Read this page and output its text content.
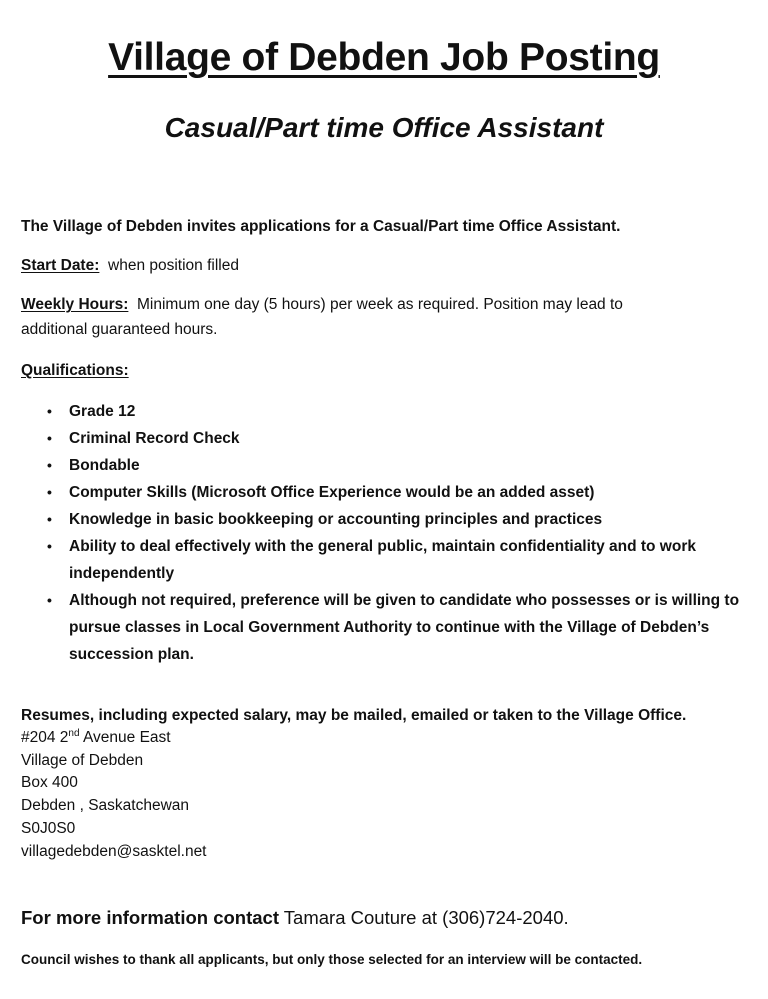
Village of Debden Job Posting
Casual/Part time Office Assistant
The Village of Debden invites applications for a Casual/Part time Office Assistant.
Start Date: when position filled
Weekly Hours: Minimum one day (5 hours) per week as required. Position may lead to
additional guaranteed hours.
Qualifications:
• Grade 12
• Criminal Record Check
• Bondable
• Computer Skills (Microsoft Office Experience would be an added asset)
• Knowledge in basic bookkeeping or accounting principles and practices
• Ability to deal effectively with the general public, maintain confidentiality and to work independently
• Although not required, preference will be given to candidate who possesses or is willing to pursue classes in Local Government Authority to continue with the Village of Debden’s succession plan.
Resumes, including expected salary, may be mailed, emailed or taken to the Village Office.
#204 2nd Avenue East
Village of Debden
Box 400
Debden , Saskatchewan
S0J0S0
villagedebden@sasktel.net
For more information contact Tamara Couture at (306)724-2040.
Council wishes to thank all applicants, but only those selected for an interview will be contacted.
